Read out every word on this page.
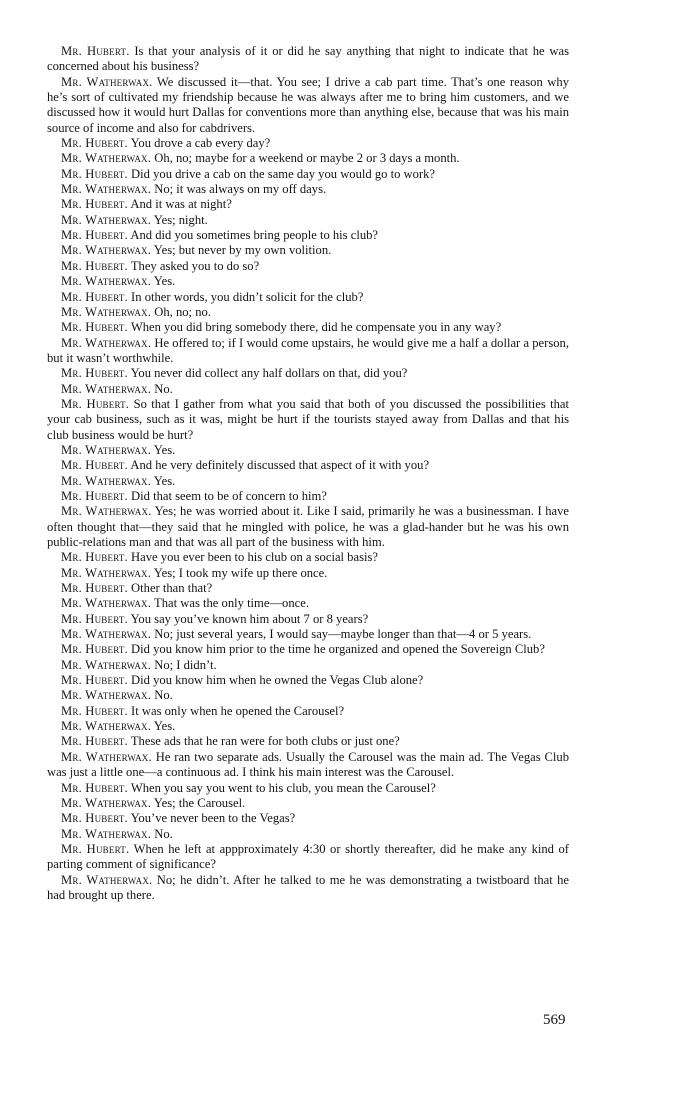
Mr. Hubert. Is that your analysis of it or did he say anything that night to indicate that he was concerned about his business?

Mr. Watherwax. We discussed it—that. You see; I drive a cab part time. That’s one reason why he’s sort of cultivated my friendship because he was always after me to bring him customers, and we discussed how it would hurt Dallas for conventions more than anything else, because that was his main source of income and also for cabdrivers.

Mr. Hubert. You drove a cab every day?

Mr. Watherwax. Oh, no; maybe for a weekend or maybe 2 or 3 days a month.

Mr. Hubert. Did you drive a cab on the same day you would go to work?

Mr. Watherwax. No; it was always on my off days.

Mr. Hubert. And it was at night?

Mr. Watherwax. Yes; night.

Mr. Hubert. And did you sometimes bring people to his club?

Mr. Watherwax. Yes; but never by my own volition.

Mr. Hubert. They asked you to do so?

Mr. Watherwax. Yes.

Mr. Hubert. In other words, you didn’t solicit for the club?

Mr. Watherwax. Oh, no; no.

Mr. Hubert. When you did bring somebody there, did he compensate you in any way?

Mr. Watherwax. He offered to; if I would come upstairs, he would give me a half a dollar a person, but it wasn’t worthwhile.

Mr. Hubert. You never did collect any half dollars on that, did you?

Mr. Watherwax. No.

Mr. Hubert. So that I gather from what you said that both of you discussed the possibilities that your cab business, such as it was, might be hurt if the tourists stayed away from Dallas and that his club business would be hurt?

Mr. Watherwax. Yes.

Mr. Hubert. And he very definitely discussed that aspect of it with you?

Mr. Watherwax. Yes.

Mr. Hubert. Did that seem to be of concern to him?

Mr. Watherwax. Yes; he was worried about it. Like I said, primarily he was a businessman. I have often thought that—they said that he mingled with police, he was a glad-hander but he was his own public-relations man and that was all part of the business with him.

Mr. Hubert. Have you ever been to his club on a social basis?

Mr. Watherwax. Yes; I took my wife up there once.

Mr. Hubert. Other than that?

Mr. Watherwax. That was the only time—once.

Mr. Hubert. You say you’ve known him about 7 or 8 years?

Mr. Watherwax. No; just several years, I would say—maybe longer than that—4 or 5 years.

Mr. Hubert. Did you know him prior to the time he organized and opened the Sovereign Club?

Mr. Watherwax. No; I didn’t.

Mr. Hubert. Did you know him when he owned the Vegas Club alone?

Mr. Watherwax. No.

Mr. Hubert. It was only when he opened the Carousel?

Mr. Watherwax. Yes.

Mr. Hubert. These ads that he ran were for both clubs or just one?

Mr. Watherwax. He ran two separate ads. Usually the Carousel was the main ad. The Vegas Club was just a little one—a continuous ad. I think his main interest was the Carousel.

Mr. Hubert. When you say you went to his club, you mean the Carousel?

Mr. Watherwax. Yes; the Carousel.

Mr. Hubert. You’ve never been to the Vegas?

Mr. Watherwax. No.

Mr. Hubert. When he left at appproximately 4:30 or shortly thereafter, did he make any kind of parting comment of significance?

Mr. Watherwax. No; he didn’t. After he talked to me he was demonstrating a twistboard that he had brought up there.

569
